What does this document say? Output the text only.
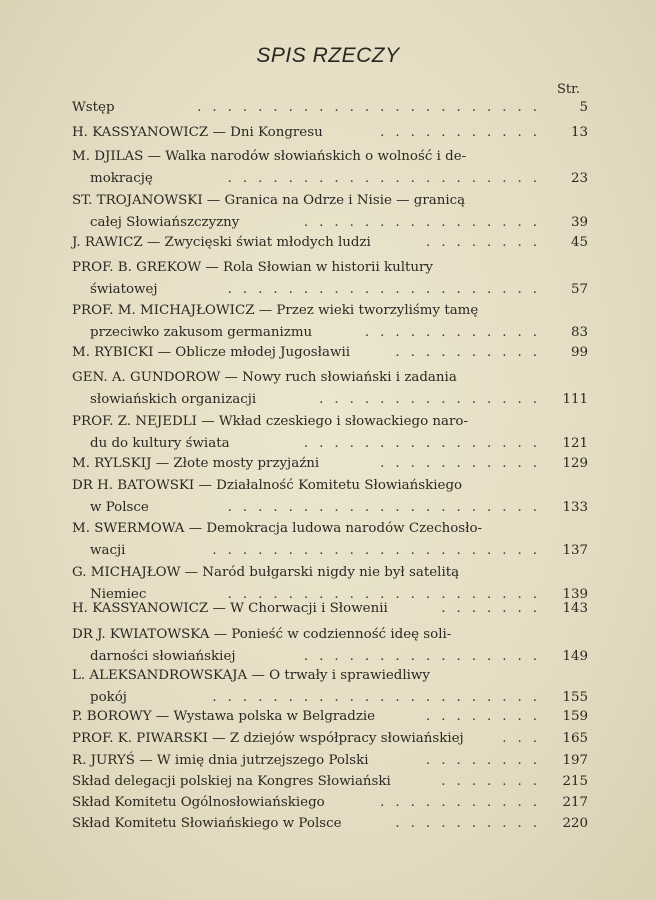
SPIS RZECZY
Str.
Wstęp	.......................	5
H. KASSYANOWICZ — Dni Kongresu	...........	13
M. DJILAS — Walka narodów słowiańskich o wolność i de-
mokrację	.....................	23
ST. TROJANOWSKI — Granica na Odrze i Nisie — granicą
całej Słowiańszczyzny	................	39
J. RAWICZ — Zwycięski świat młodych ludzi	........	45
PROF. B. GREKOW — Rola Słowian w historii kultury
światowej	.....................	57
PROF. M. MICHAJŁOWICZ — Przez wieki tworzyliśmy tamę
przeciwko zakusom germanizmu	............	83
M. RYBICKI — Oblicze młodej Jugosławii	..........	99
GEN. A. GUNDOROW — Nowy ruch słowiański i zadania
słowiańskich organizacji	...............	111
PROF. Z. NEJEDLI — Wkład czeskiego i słowackiego naro-
du do kultury świata	................	121
M. RYLSKIJ — Złote mosty przyjaźni	...........	129
DR H. BATOWSKI — Działalność Komitetu Słowiańskiego
w Polsce	.....................	133
M. SWERMOWA — Demokracja ludowa narodów Czechosło-
wacji	......................	137
G. MICHAJŁOW — Naród bułgarski nigdy nie był satelitą
Niemiec	.....................	139
H. KASSYANOWICZ — W Chorwacji i Słowenii	.......	143
DR J. KWIATOWSKA — Ponieść w codzienność ideę soli-
darności słowiańskiej	................	149
L. ALEKSANDROWSKAJA — O trwały i sprawiedliwy
pokój	......................	155
P. BOROWY — Wystawa polska w Belgradzie	........	159
PROF. K. PIWARSKI — Z dziejów współpracy słowiańskiej	...	165
R. JURYŚ — W imię dnia jutrzejszego Polski	........	197
Skład delegacji polskiej na Kongres Słowiański	.......	215
Skład Komitetu Ogólnosłowiańskiego	...........	217
Skład Komitetu Słowiańskiego w Polsce	..........	220
